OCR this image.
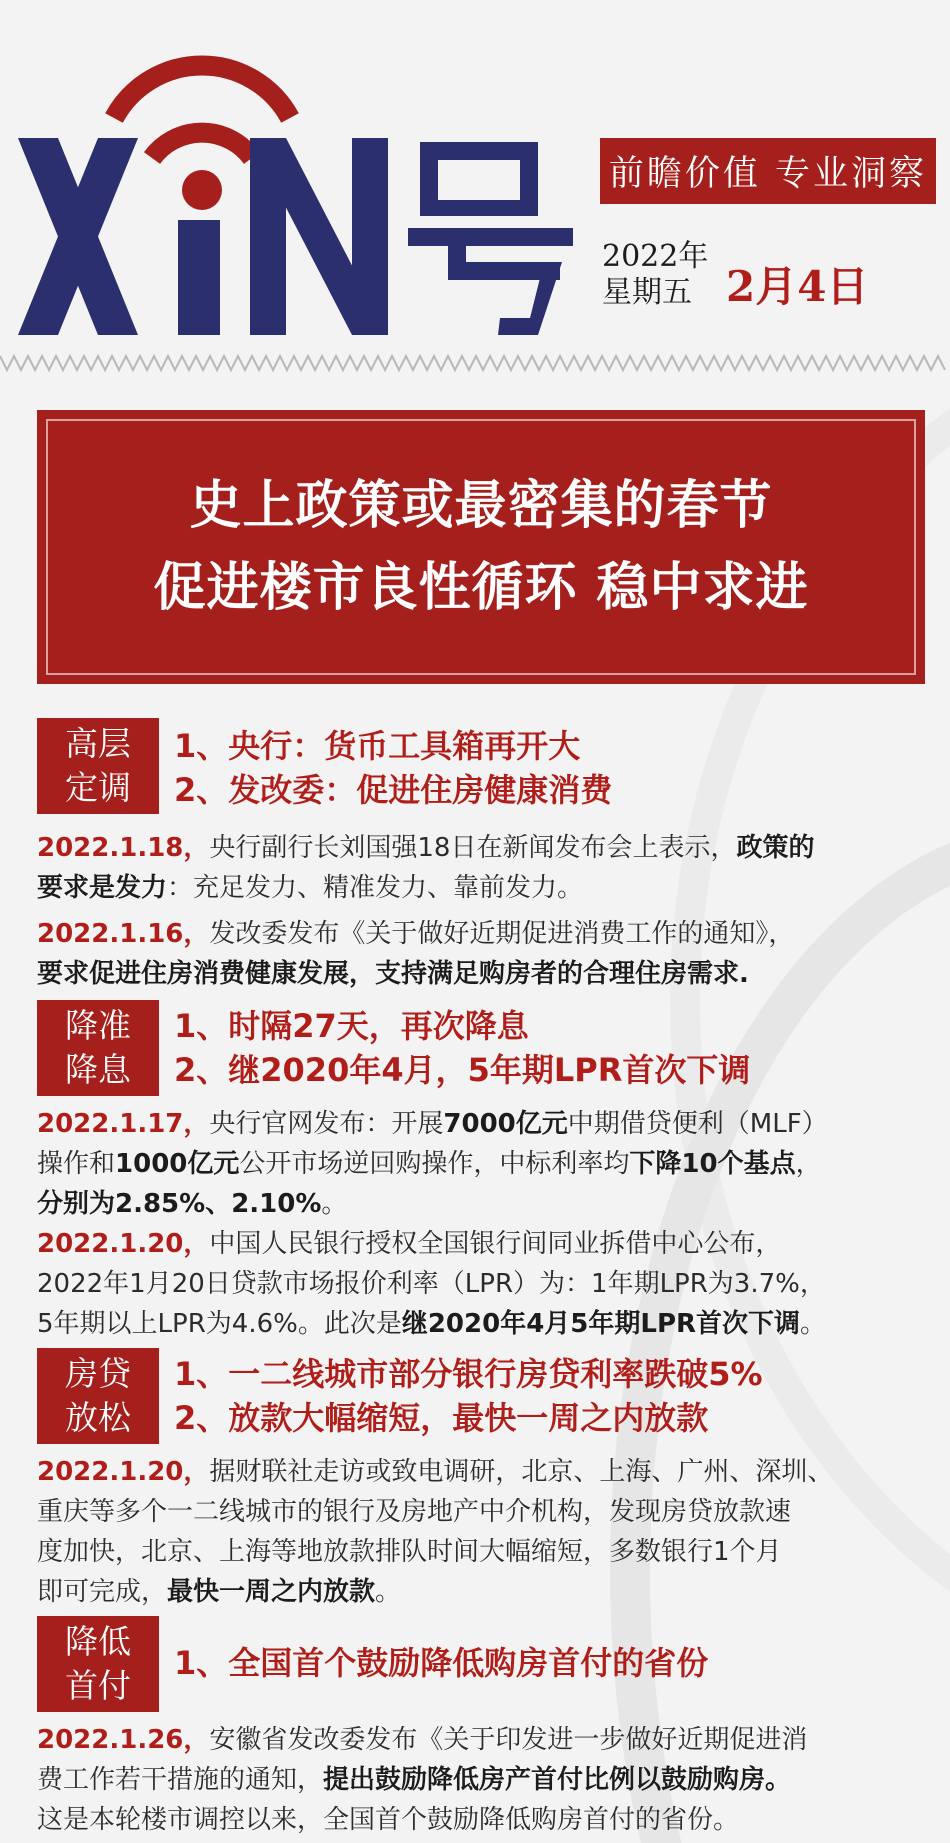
前瞻价值 专业洞察
2022年
星期五 2月4日
史上政策或最密集的春节
促进楼市良性循环 稳中求进
高层
定调
1、央行：货币工具箱再开大
2、发改委：促进住房健康消费
2022.1.18，央行副行长刘国强18日在新闻发布会上表示，政策的
要求是发力：充足发力、精准发力、靠前发力。
2022.1.16，发改委发布《关于做好近期促进消费工作的通知》，
要求促进住房消费健康发展，支持满足购房者的合理住房需求.
降准
降息
1、时隔27天，再次降息
2、继2020年4月，5年期LPR首次下调
2022.1.17，央行官网发布：开展7000亿元中期借贷便利（MLF）
操作和1000亿元公开市场逆回购操作，中标利率均下降10个基点，
分别为2.85%、2.10%。
2022.1.20，中国人民银行授权全国银行间同业拆借中心公布，
2022年1月20日贷款市场报价利率（LPR）为：1年期LPR为3.7%，
5年期以上LPR为4.6%。此次是继2020年4月5年期LPR首次下调。
房贷
放松
1、一二线城市部分银行房贷利率跌破5%
2、放款大幅缩短，最快一周之内放款
2022.1.20，据财联社走访或致电调研，北京、上海、广州、深圳、
重庆等多个一二线城市的银行及房地产中介机构，发现房贷放款速
度加快，北京、上海等地放款排队时间大幅缩短，多数银行1个月
即可完成，最快一周之内放款。
降低
首付
1、全国首个鼓励降低购房首付的省份
2022.1.26，安徽省发改委发布《关于印发进一步做好近期促进消
费工作若干措施的通知，提出鼓励降低房产首付比例以鼓励购房。
这是本轮楼市调控以来，全国首个鼓励降低购房首付的省份。
